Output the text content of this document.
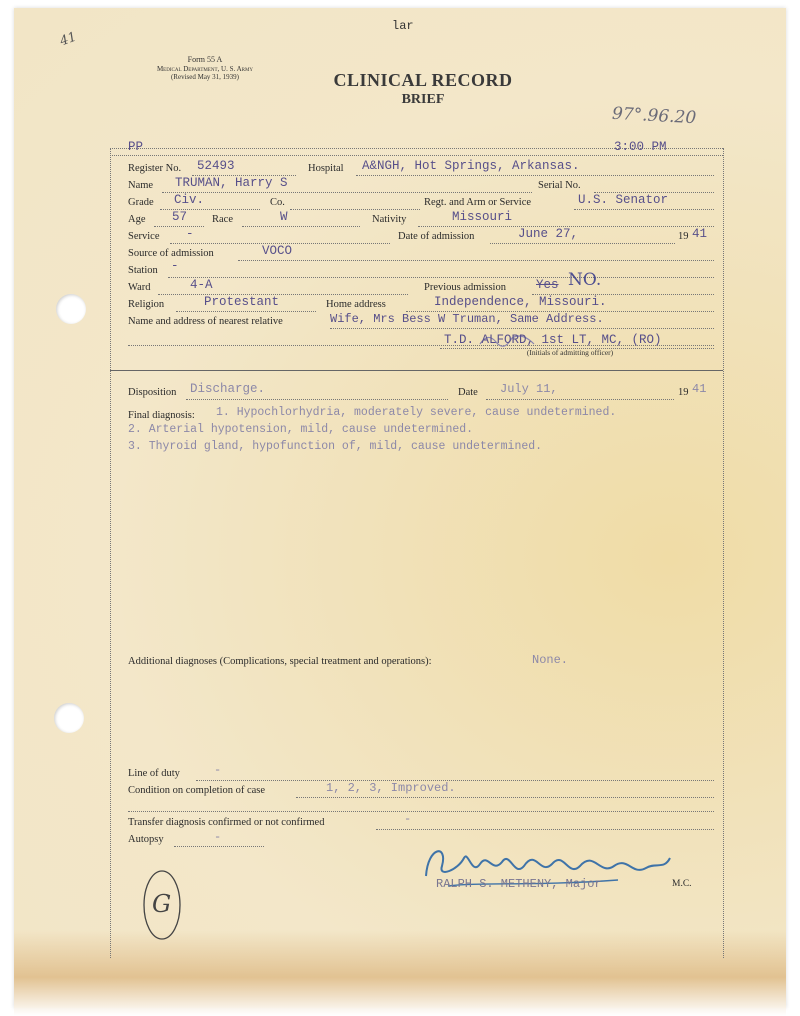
lar
41
Form 55 A
Medical Department, U. S. Army
(Revised May 31, 1939)	CLINICAL RECORD
BRIEF
97°.96.20
PP	3:00 PM
Register No. 52493	Hospital A&NGH, Hot Springs, Arkansas.
Name TRUMAN, Harry S	Serial No.
Grade Civ.	Co.	Regt. and Arm or Service	U.S. Senator
Age 57 Race	W	Nativity	Missouri
Service -	Date of admission	June 27,	19 41
Source of admission	VOCO
Station -
Ward	4-A	Previous admission Yes NO.
Religion	Protestant	Home address	Independence, Missouri.
Name and address of nearest relative	Wife, Mrs Bess W Truman, Same Address.
T.D. ALFORD, 1st LT, MC, (RO)
(Initials of admitting officer)
Disposition Discharge.	Date July 11,	19 41
Final diagnosis: 1. Hypochlorhydria, moderately severe, cause undetermined.
2. Arterial hypotension, mild, cause undetermined.
3. Thyroid gland, hypofunction of, mild, cause undetermined.
Additional diagnoses (Complications, special treatment and operations):	None.
Line of duty	-
Condition on completion of case	1, 2, 3, Improved.
Transfer diagnosis confirmed or not confirmed	-
Autopsy	-
RALPH S. METHENY, Major	M.C.
G
